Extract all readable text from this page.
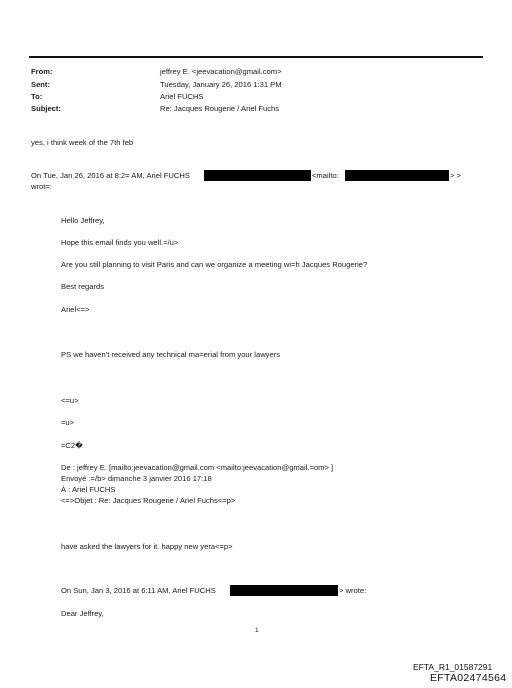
From:	jeffrey E. <jeevacation@gmail.com>
Sent:	Tuesday, January 26, 2016 1:31 PM
To:	Ariel FUCHS
Subject:	Re: Jacques Rougerie / Ariel Fuchs
yes, i think week of the 7th feb
On Tue, Jan 26, 2016 at 8:2= AM, Ariel FUCHS	<mailto:	> >
wrot=:
Hello Jeffrey,
Hope this email finds you well.=/u>
Are you still planning to visit Paris and can we organize a meeting wi=h Jacques Rougerie?
Best regards
Ariel<=>
PS we haven't received any technical ma=erial from your lawyers
<=u>
=u>
=C2�
De : jeffrey E. [mailto:jeevacation@gmail.com <mailto:jeevacation@gmail.=om> ]
Envoyé :=/b> dimanche 3 janvier 2016 17:18
À : Ariel FUCHS
<=>Objet : Re: Jacques Rougerie / Ariel Fuchs<=p>
have asked the lawyers for it. happy new yera<=p>
On Sun, Jan 3, 2016 at 6:11 AM, Ariel FUCHS	> wrote:
Dear Jeffrey,
1
EFTA_R1_01587291
EFTA02474564
